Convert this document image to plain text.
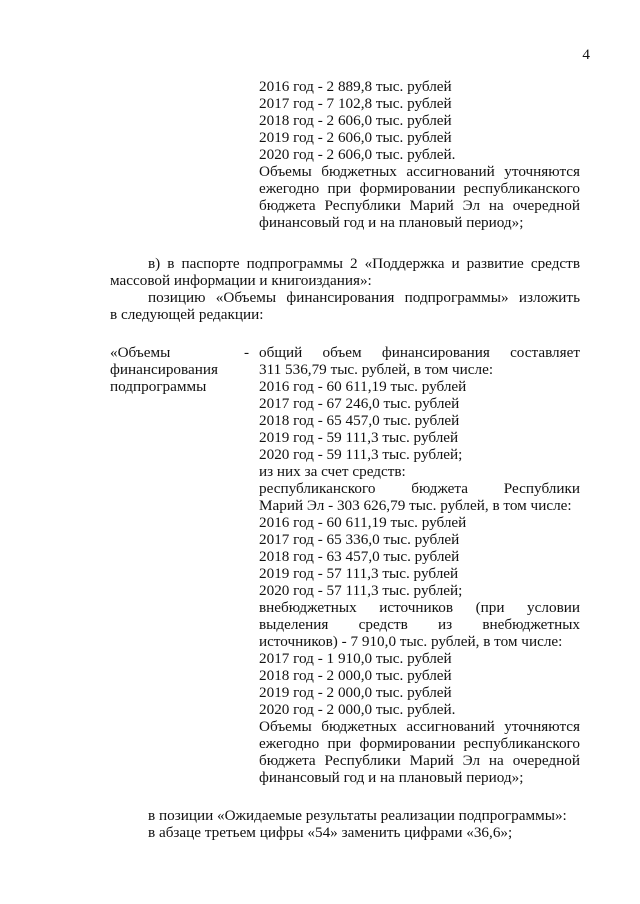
4
2016 год - 2 889,8 тыс. рублей
2017 год - 7 102,8 тыс. рублей
2018 год - 2 606,0 тыс. рублей
2019 год - 2 606,0 тыс. рублей
2020 год - 2 606,0 тыс. рублей.
Объемы бюджетных ассигнований уточняются
ежегодно при формировании республиканского
бюджета Республики Марий Эл на очередной
финансовый год и на плановый период»;
в) в паспорте подпрограммы 2 «Поддержка и развитие средств
массовой информации и книгоиздания»:
позицию «Объемы финансирования подпрограммы» изложить
в следующей редакции:
«Объемы
финансирования
подпрограммы
- общий объем финансирования составляет
311 536,79 тыс. рублей, в том числе:
2016 год - 60 611,19 тыс. рублей
2017 год - 67 246,0 тыс. рублей
2018 год - 65 457,0 тыс. рублей
2019 год - 59 111,3 тыс. рублей
2020 год - 59 111,3 тыс. рублей;
из них за счет средств:
республиканского бюджета Республики
Марий Эл - 303 626,79 тыс. рублей, в том числе:
2016 год - 60 611,19 тыс. рублей
2017 год - 65 336,0 тыс. рублей
2018 год - 63 457,0 тыс. рублей
2019 год - 57 111,3 тыс. рублей
2020 год - 57 111,3 тыс. рублей;
внебюджетных источников (при условии
выделения средств из внебюджетных
источников) - 7 910,0 тыс. рублей, в том числе:
2017 год - 1 910,0 тыс. рублей
2018 год - 2 000,0 тыс. рублей
2019 год - 2 000,0 тыс. рублей
2020 год - 2 000,0 тыс. рублей.
Объемы бюджетных ассигнований уточняются
ежегодно при формировании республиканского
бюджета Республики Марий Эл на очередной
финансовый год и на плановый период»;
в позиции «Ожидаемые результаты реализации подпрограммы»:
в абзаце третьем цифры «54» заменить цифрами «36,6»;
